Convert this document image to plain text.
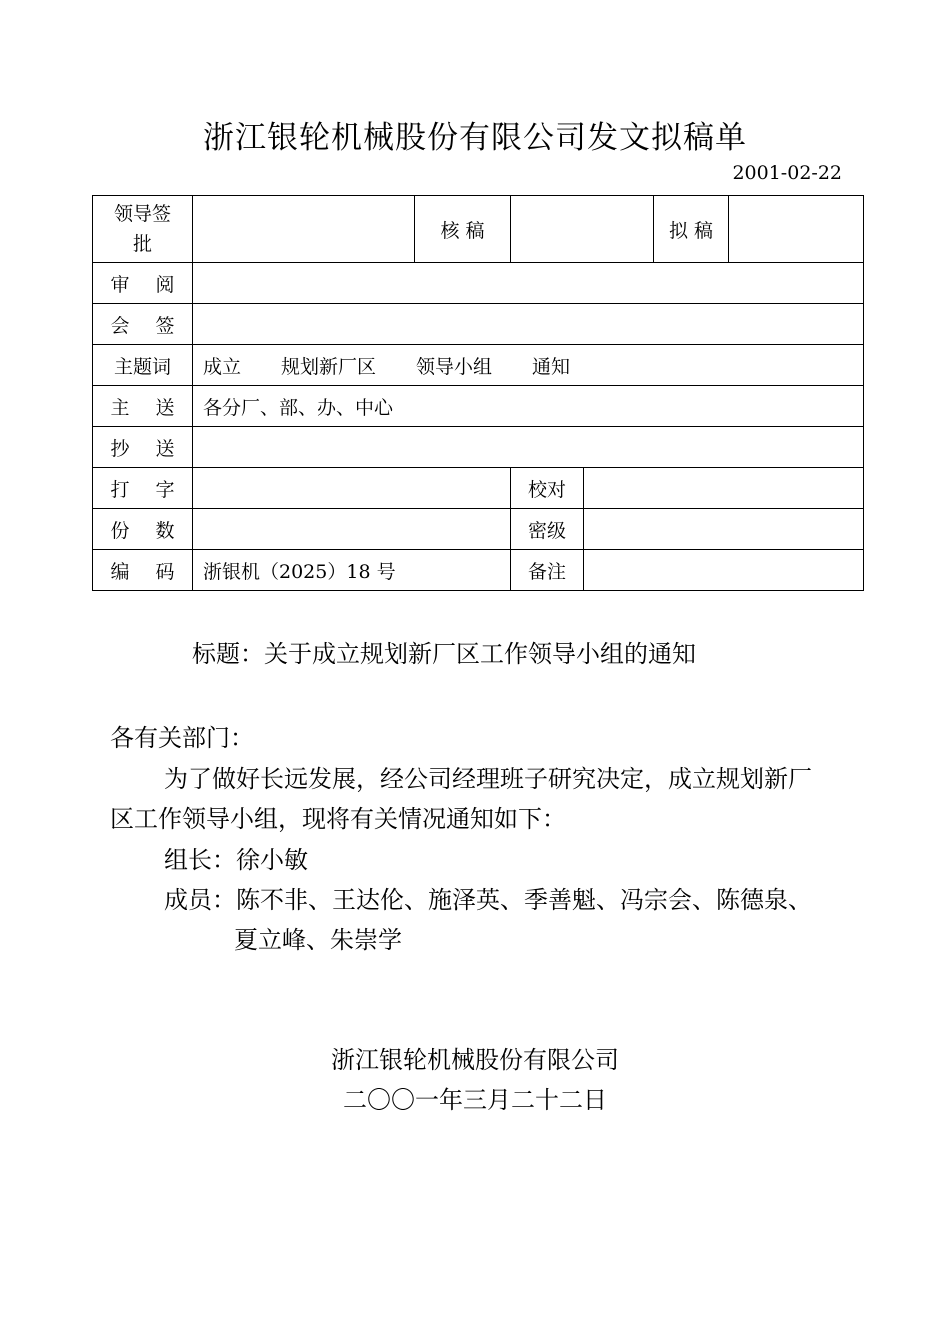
浙江银轮机械股份有限公司发文拟稿单
2001-02-22
领导签批		核 稿			拟 稿	

审 阅						

会 签						

主题词	成立 规划新厂区 领导小组 通知					

主 送	各分厂、部、办、中心					

抄 送						

打 字			校对			

份 数			密级			

编 码	浙银机（2025）18 号		备注			
标题：关于成立规划新厂区工作领导小组的通知
各有关部门：
为了做好长远发展，经公司经理班子研究决定，成立规划新厂
区工作领导小组，现将有关情况通知如下：
组长：徐小敏
成员：陈不非、王达伦、施泽英、季善魁、冯宗会、陈德泉、
夏立峰、朱崇学
浙江银轮机械股份有限公司
二〇〇一年三月二十二日
